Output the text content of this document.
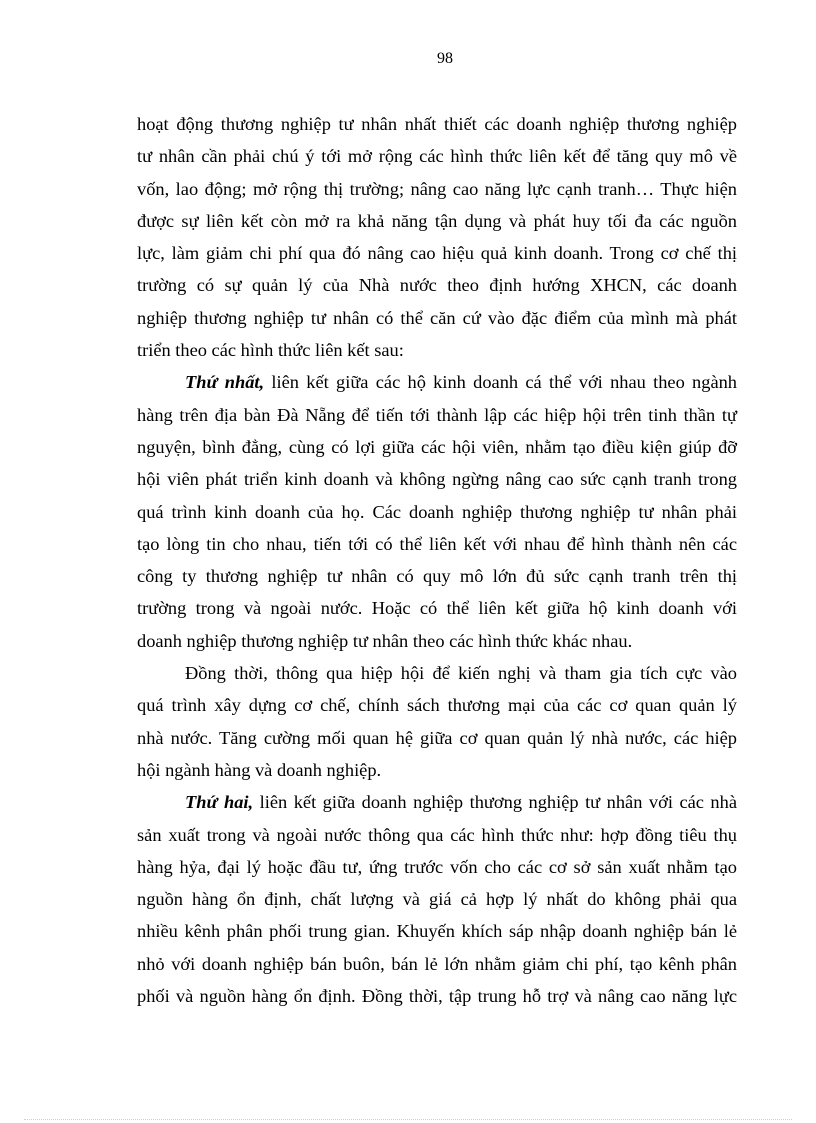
98
hoạt động thương nghiệp tư nhân nhất thiết các doanh nghiệp thương nghiệp
tư nhân cần phải chú ý tới mở rộng các hình thức liên kết để tăng quy mô về
vốn, lao động; mở rộng thị trường; nâng cao năng lực cạnh tranh… Thực hiện
được sự liên kết còn mở ra khả năng tận dụng và phát huy tối đa các nguồn
lực, làm giảm chi phí qua đó nâng cao hiệu quả kinh doanh. Trong cơ chế thị
trường có sự quản lý của Nhà nước theo định hướng XHCN, các doanh
nghiệp thương nghiệp tư nhân có thể căn cứ vào đặc điểm của mình mà phát
triển theo các hình thức liên kết sau:
Thứ nhất, liên kết giữa các hộ kinh doanh cá thể với nhau theo ngành
hàng trên địa bàn Đà Nẵng để tiến tới thành lập các hiệp hội trên tinh thần tự
nguyện, bình đẳng, cùng có lợi giữa các hội viên, nhằm tạo điều kiện giúp đỡ
hội viên phát triển kinh doanh và không ngừng nâng cao sức cạnh tranh trong
quá trình kinh doanh của họ. Các doanh nghiệp thương nghiệp tư nhân phải
tạo lòng tin cho nhau, tiến tới có thể liên kết với nhau để hình thành nên các
công ty thương nghiệp tư nhân có quy mô lớn đủ sức cạnh tranh trên thị
trường trong và ngoài nước. Hoặc có thể liên kết giữa hộ kinh doanh với
doanh nghiệp thương nghiệp tư nhân theo các hình thức khác nhau.
Đồng thời, thông qua hiệp hội để kiến nghị và tham gia tích cực vào
quá trình xây dựng cơ chế, chính sách thương mại của các cơ quan quản lý
nhà nước. Tăng cường mối quan hệ giữa cơ quan quản lý nhà nước, các hiệp
hội ngành hàng và doanh nghiệp.
Thứ hai, liên kết giữa doanh nghiệp thương nghiệp tư nhân với các nhà
sản xuất trong và ngoài nước thông qua các hình thức như: hợp đồng tiêu thụ
hàng hỷa, đại lý hoặc đầu tư, ứng trước vốn cho các cơ sở sản xuất nhằm tạo
nguồn hàng ổn định, chất lượng và giá cả hợp lý nhất do không phải qua
nhiều kênh phân phối trung gian. Khuyến khích sáp nhập doanh nghiệp bán lẻ
nhỏ với doanh nghiệp bán buôn, bán lẻ lớn nhằm giảm chi phí, tạo kênh phân
phối và nguồn hàng ổn định. Đồng thời, tập trung hỗ trợ và nâng cao năng lực
